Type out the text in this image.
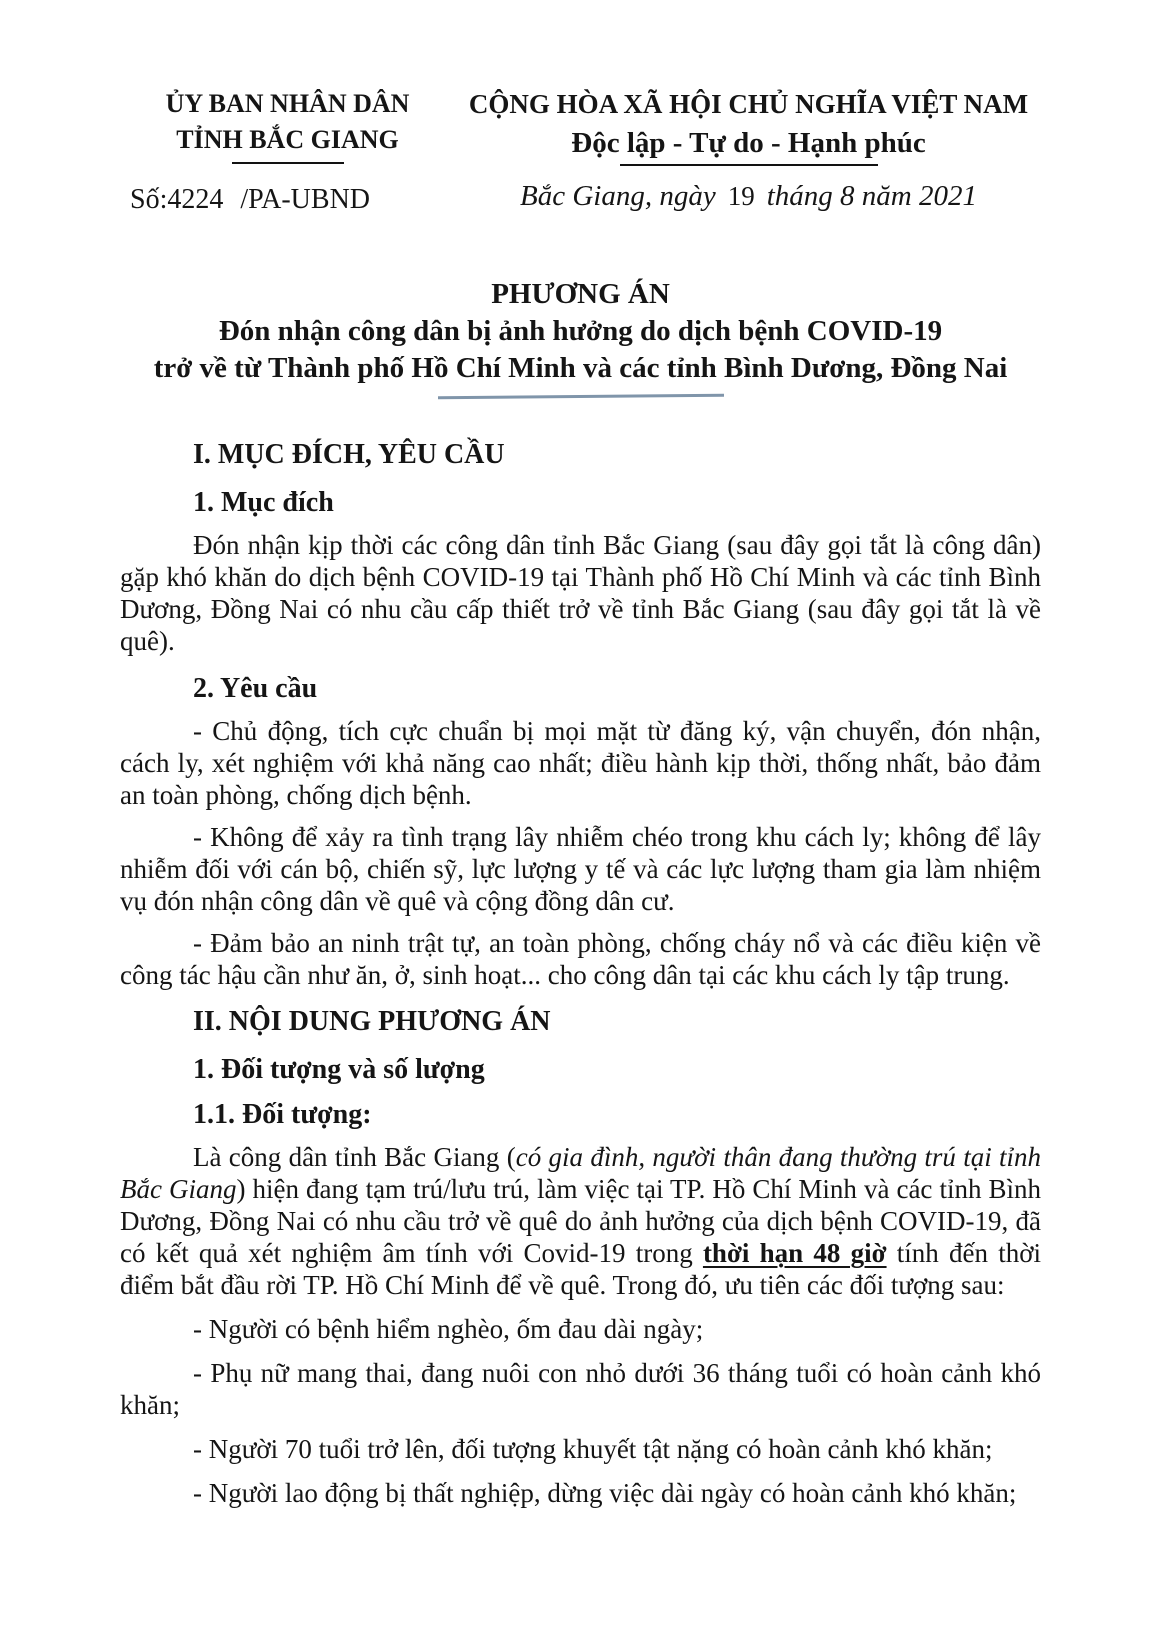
ỦY BAN NHÂN DÂN
TỈNH BẮC GIANG
Số:4224 /PA-UBND
CỘNG HÒA XÃ HỘI CHỦ NGHĨA VIỆT NAM
Độc lập - Tự do - Hạnh phúc
Bắc Giang, ngày 19 tháng 8 năm 2021
PHƯƠNG ÁN
Đón nhận công dân bị ảnh hưởng do dịch bệnh COVID-19
trở về từ Thành phố Hồ Chí Minh và các tỉnh Bình Dương, Đồng Nai
I. MỤC ĐÍCH, YÊU CẦU
1. Mục đích

Đón nhận kịp thời các công dân tỉnh Bắc Giang (sau đây gọi tắt là công dân) gặp khó khăn do dịch bệnh COVID-19 tại Thành phố Hồ Chí Minh và các tỉnh Bình Dương, Đồng Nai có nhu cầu cấp thiết trở về tỉnh Bắc Giang (sau đây gọi tắt là về quê).

2. Yêu cầu

- Chủ động, tích cực chuẩn bị mọi mặt từ đăng ký, vận chuyển, đón nhận, cách ly, xét nghiệm với khả năng cao nhất; điều hành kịp thời, thống nhất, bảo đảm an toàn phòng, chống dịch bệnh.

- Không để xảy ra tình trạng lây nhiễm chéo trong khu cách ly; không để lây nhiễm đối với cán bộ, chiến sỹ, lực lượng y tế và các lực lượng tham gia làm nhiệm vụ đón nhận công dân về quê và cộng đồng dân cư.

- Đảm bảo an ninh trật tự, an toàn phòng, chống cháy nổ và các điều kiện về công tác hậu cần như ăn, ở, sinh hoạt... cho công dân tại các khu cách ly tập trung.

II. NỘI DUNG PHƯƠNG ÁN
1. Đối tượng và số lượng
1.1. Đối tượng:

Là công dân tỉnh Bắc Giang (có gia đình, người thân đang thường trú tại tỉnh Bắc Giang) hiện đang tạm trú/lưu trú, làm việc tại TP. Hồ Chí Minh và các tỉnh Bình Dương, Đồng Nai có nhu cầu trở về quê do ảnh hưởng của dịch bệnh COVID-19, đã có kết quả xét nghiệm âm tính với Covid-19 trong thời hạn 48 giờ tính đến thời điểm bắt đầu rời TP. Hồ Chí Minh để về quê. Trong đó, ưu tiên các đối tượng sau:

- Người có bệnh hiểm nghèo, ốm đau dài ngày;

- Phụ nữ mang thai, đang nuôi con nhỏ dưới 36 tháng tuổi có hoàn cảnh khó khăn;

- Người 70 tuổi trở lên, đối tượng khuyết tật nặng có hoàn cảnh khó khăn;

- Người lao động bị thất nghiệp, dừng việc dài ngày có hoàn cảnh khó khăn;
